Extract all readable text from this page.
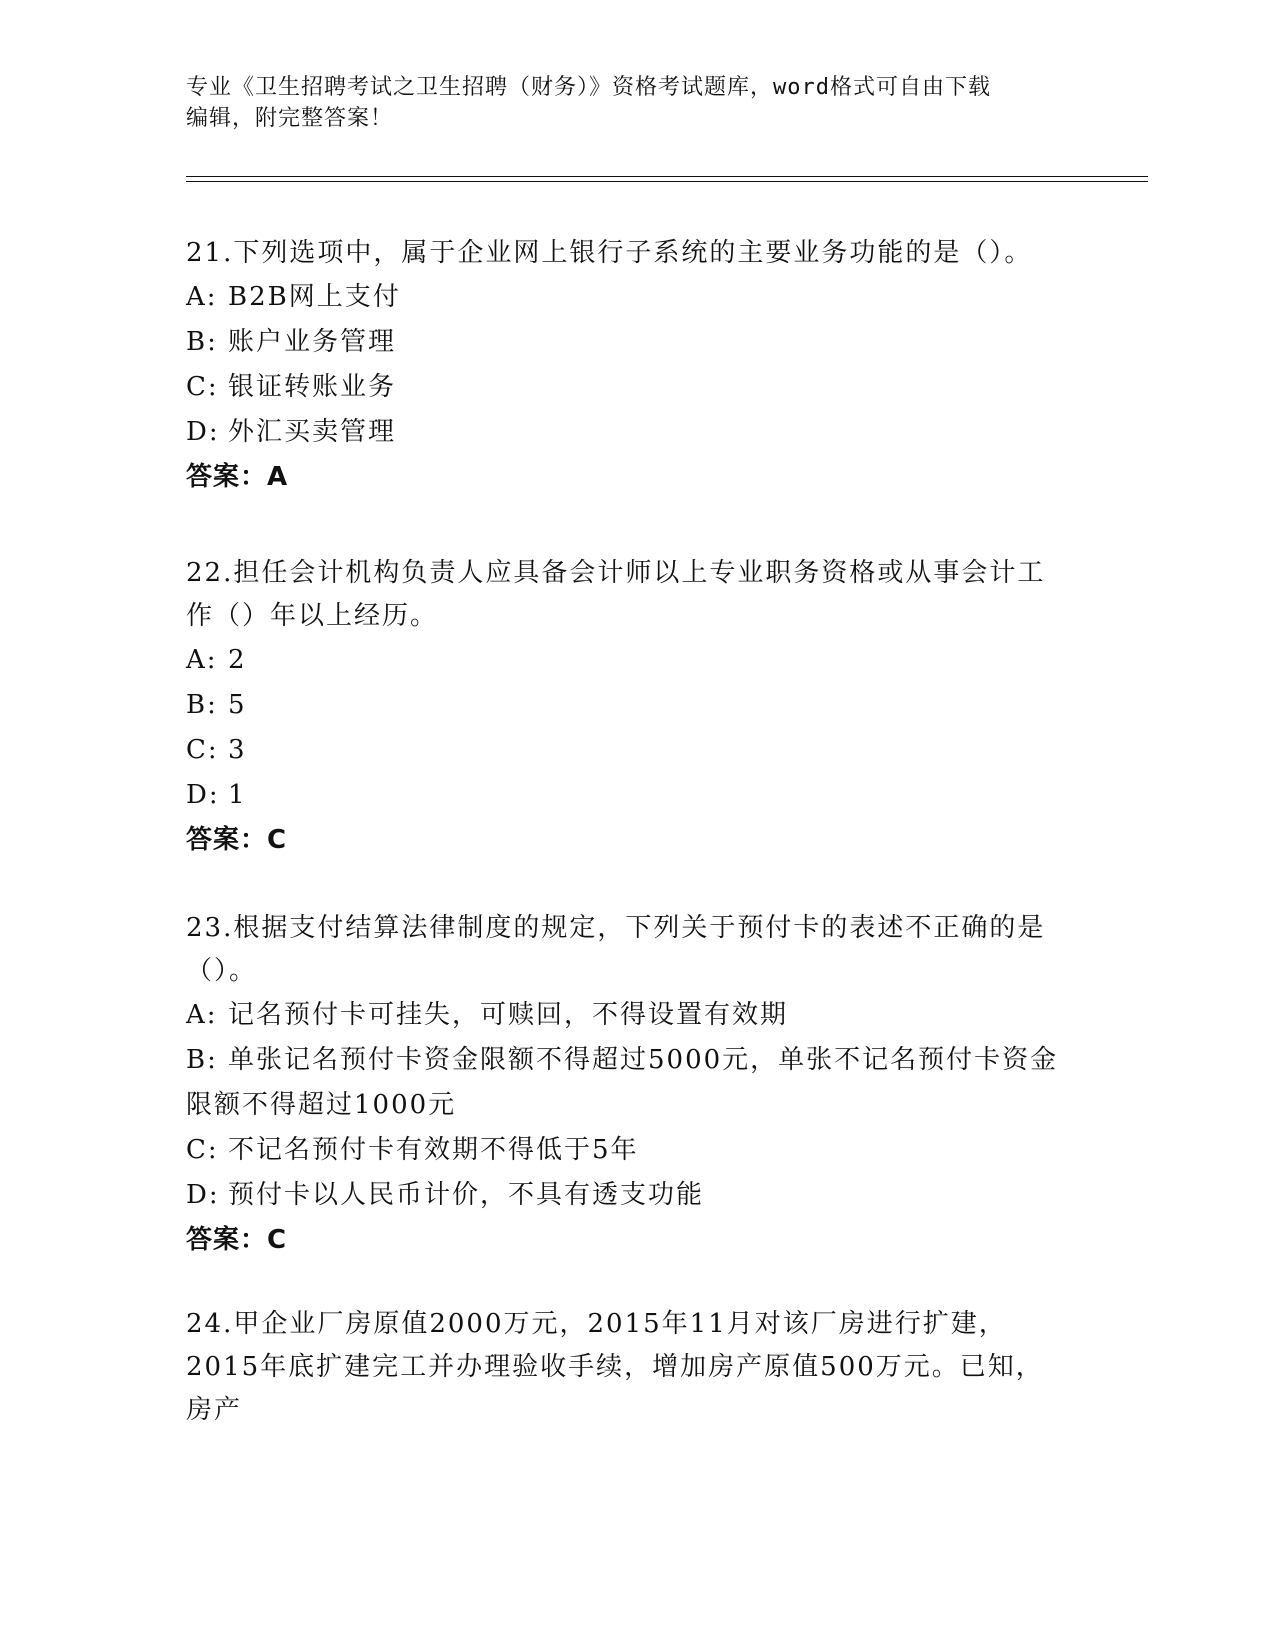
专业《卫生招聘考试之卫生招聘（财务）》资格考试题库，word格式可自由下载
编辑，附完整答案！

21.下列选项中，属于企业网上银行子系统的主要业务功能的是（）。

A: B2B网上支付

B: 账户业务管理

C: 银证转账业务

D: 外汇买卖管理

答案：A

22.担任会计机构负责人应具备会计师以上专业职务资格或从事会计工作（）年以上经历。

A: 2

B: 5

C: 3

D: 1

答案：C

23.根据支付结算法律制度的规定，下列关于预付卡的表述不正确的是（）。

A: 记名预付卡可挂失，可赎回，不得设置有效期

B: 单张记名预付卡资金限额不得超过5000元，单张不记名预付卡资金限额不得超过1000元

C: 不记名预付卡有效期不得低于5年

D: 预付卡以人民币计价，不具有透支功能

答案：C

24.甲企业厂房原值2000万元，2015年11月对该厂房进行扩建，2015年底扩建完工并办理验收手续，增加房产原值500万元。已知，房产
